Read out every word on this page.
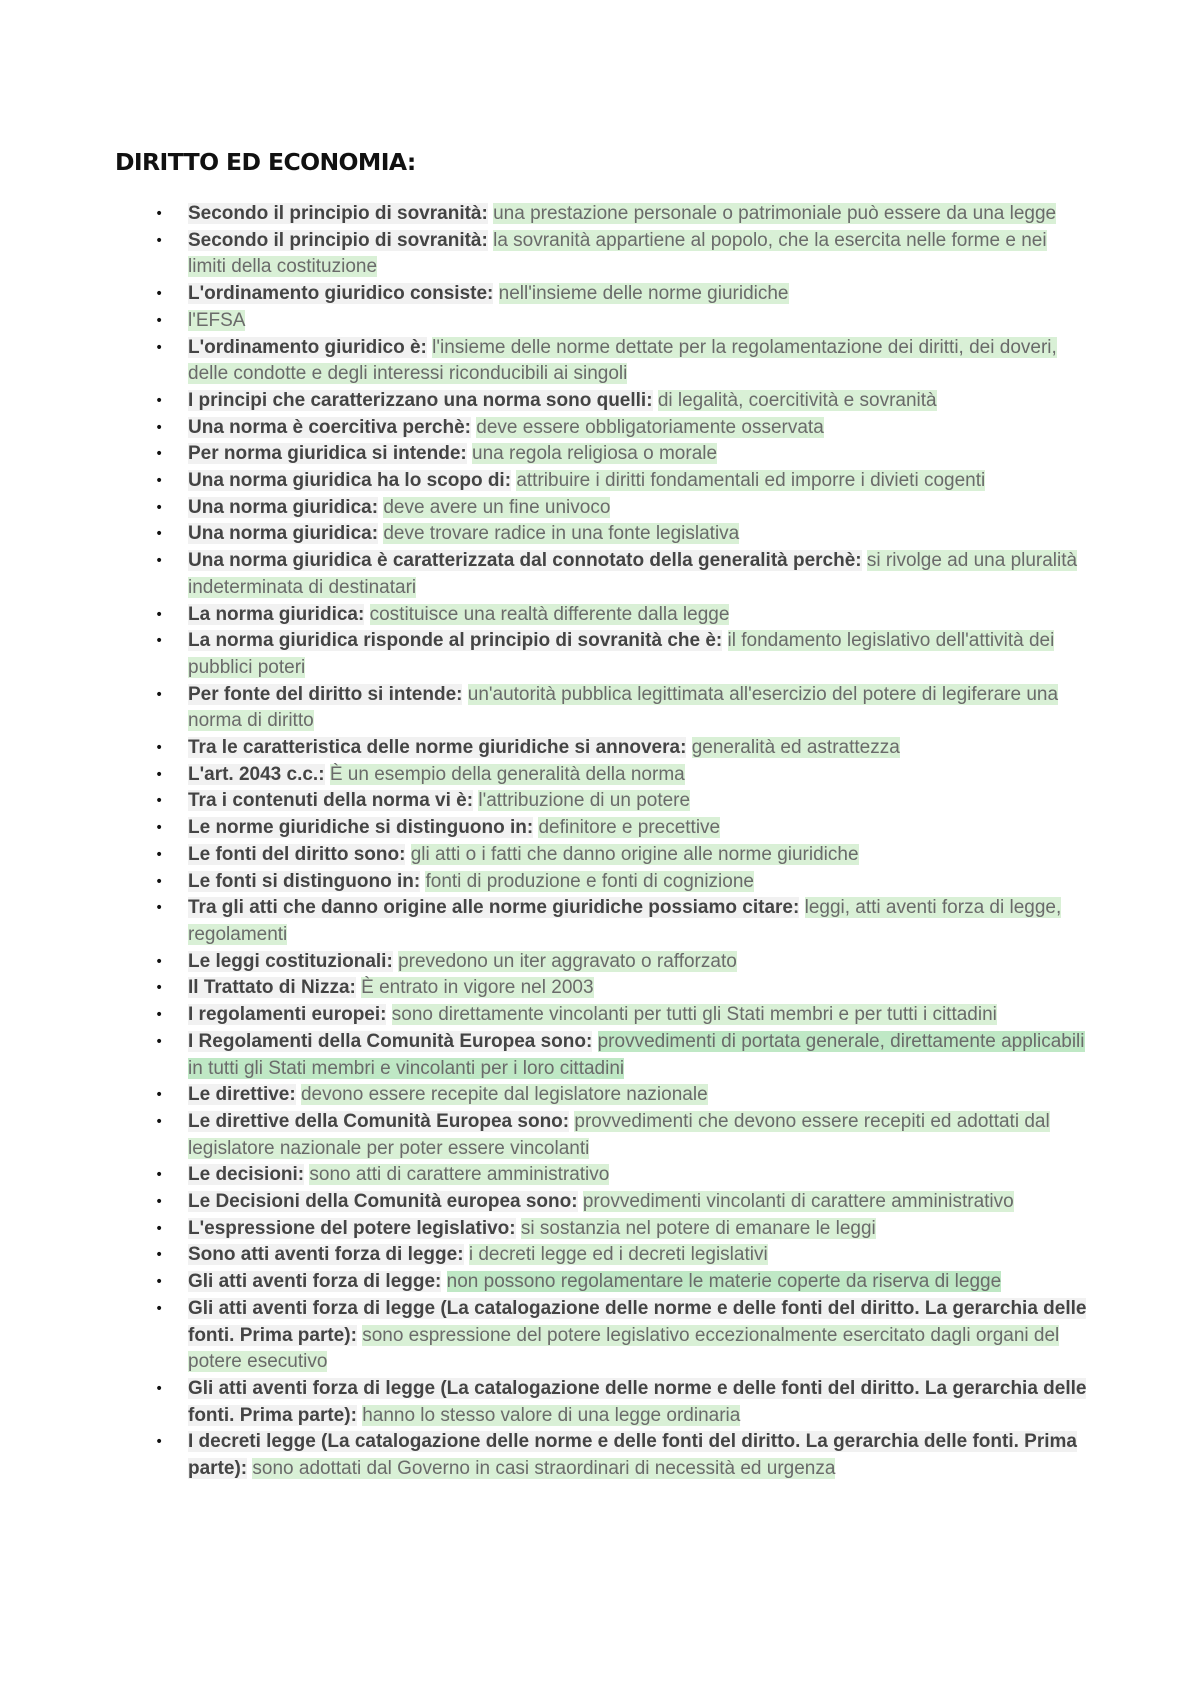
DIRITTO ED ECONOMIA:
• Secondo il principio di sovranità: una prestazione personale o patrimoniale può essere da una legge
• Secondo il principio di sovranità: la sovranità appartiene al popolo, che la esercita nelle forme e nei limiti della costituzione
• L'ordinamento giuridico consiste: nell'insieme delle norme giuridiche
• l'EFSA
• L'ordinamento giuridico è: l'insieme delle norme dettate per la regolamentazione dei diritti, dei doveri, delle condotte e degli interessi riconducibili ai singoli
• I principi che caratterizzano una norma sono quelli: di legalità, coercitività e sovranità
• Una norma è coercitiva perchè: deve essere obbligatoriamente osservata
• Per norma giuridica si intende: una regola religiosa o morale
• Una norma giuridica ha lo scopo di: attribuire i diritti fondamentali ed imporre i divieti cogenti
• Una norma giuridica: deve avere un fine univoco
• Una norma giuridica: deve trovare radice in una fonte legislativa
• Una norma giuridica è caratterizzata dal connotato della generalità perchè: si rivolge ad una pluralità indeterminata di destinatari
• La norma giuridica: costituisce una realtà differente dalla legge
• La norma giuridica risponde al principio di sovranità che è: il fondamento legislativo dell'attività dei pubblici poteri
• Per fonte del diritto si intende: un'autorità pubblica legittimata all'esercizio del potere di legiferare una norma di diritto
• Tra le caratteristica delle norme giuridiche si annovera: generalità ed astrattezza
• L'art. 2043 c.c.: È un esempio della generalità della norma
• Tra i contenuti della norma vi è: l'attribuzione di un potere
• Le norme giuridiche si distinguono in: definitore e precettive
• Le fonti del diritto sono: gli atti o i fatti che danno origine alle norme giuridiche
• Le fonti si distinguono in: fonti di produzione e fonti di cognizione
• Tra gli atti che danno origine alle norme giuridiche possiamo citare: leggi, atti aventi forza di legge, regolamenti
• Le leggi costituzionali: prevedono un iter aggravato o rafforzato
• Il Trattato di Nizza: È entrato in vigore nel 2003
• I regolamenti europei: sono direttamente vincolanti per tutti gli Stati membri e per tutti i cittadini
• I Regolamenti della Comunità Europea sono: provvedimenti di portata generale, direttamente applicabili in tutti gli Stati membri e vincolanti per i loro cittadini
• Le direttive: devono essere recepite dal legislatore nazionale
• Le direttive della Comunità Europea sono: provvedimenti che devono essere recepiti ed adottati dal legislatore nazionale per poter essere vincolanti
• Le decisioni: sono atti di carattere amministrativo
• Le Decisioni della Comunità europea sono: provvedimenti vincolanti di carattere amministrativo
• L'espressione del potere legislativo: si sostanzia nel potere di emanare le leggi
• Sono atti aventi forza di legge: i decreti legge ed i decreti legislativi
• Gli atti aventi forza di legge: non possono regolamentare le materie coperte da riserva di legge
• Gli atti aventi forza di legge (La catalogazione delle norme e delle fonti del diritto. La gerarchia delle fonti. Prima parte): sono espressione del potere legislativo eccezionalmente esercitato dagli organi del potere esecutivo
• Gli atti aventi forza di legge (La catalogazione delle norme e delle fonti del diritto. La gerarchia delle fonti. Prima parte): hanno lo stesso valore di una legge ordinaria
• I decreti legge (La catalogazione delle norme e delle fonti del diritto. La gerarchia delle fonti. Prima parte): sono adottati dal Governo in casi straordinari di necessità ed urgenza
